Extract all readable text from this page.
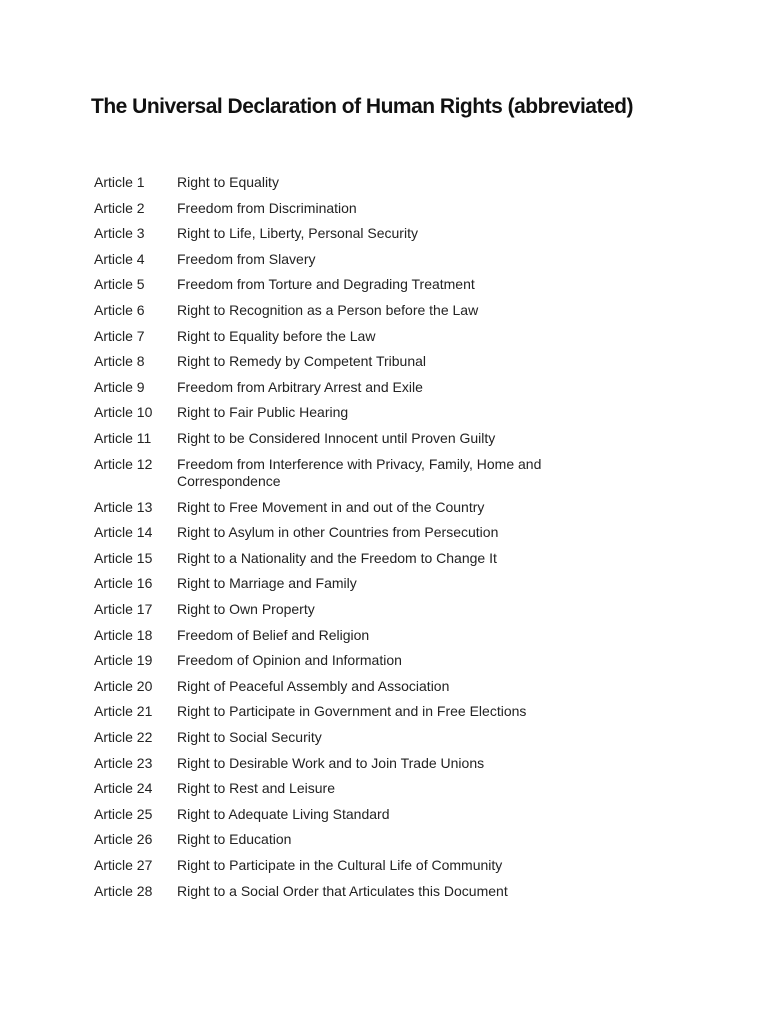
The Universal Declaration of Human Rights (abbreviated)
Article 1	Right to Equality
Article 2	Freedom from Discrimination
Article 3	Right to Life, Liberty, Personal Security
Article 4	Freedom from Slavery
Article 5	Freedom from Torture and Degrading Treatment
Article 6	Right to Recognition as a Person before the Law
Article 7	Right to Equality before the Law
Article 8	Right to Remedy by Competent Tribunal
Article 9	Freedom from Arbitrary Arrest and Exile
Article 10	Right to Fair Public Hearing
Article 11	Right to be Considered Innocent until Proven Guilty
Article 12	Freedom from Interference with Privacy, Family, Home and Correspondence
Article 13	Right to Free Movement in and out of the Country
Article 14	Right to Asylum in other Countries from Persecution
Article 15	Right to a Nationality and the Freedom to Change It
Article 16	Right to Marriage and Family
Article 17	Right to Own Property
Article 18	Freedom of Belief and Religion
Article 19	Freedom of Opinion and Information
Article 20	Right of Peaceful Assembly and Association
Article 21	Right to Participate in Government and in Free Elections
Article 22	Right to Social Security
Article 23	Right to Desirable Work and to Join Trade Unions
Article 24	Right to Rest and Leisure
Article 25	Right to Adequate Living Standard
Article 26	Right to Education
Article 27	Right to Participate in the Cultural Life of Community
Article 28	Right to a Social Order that Articulates this Document
